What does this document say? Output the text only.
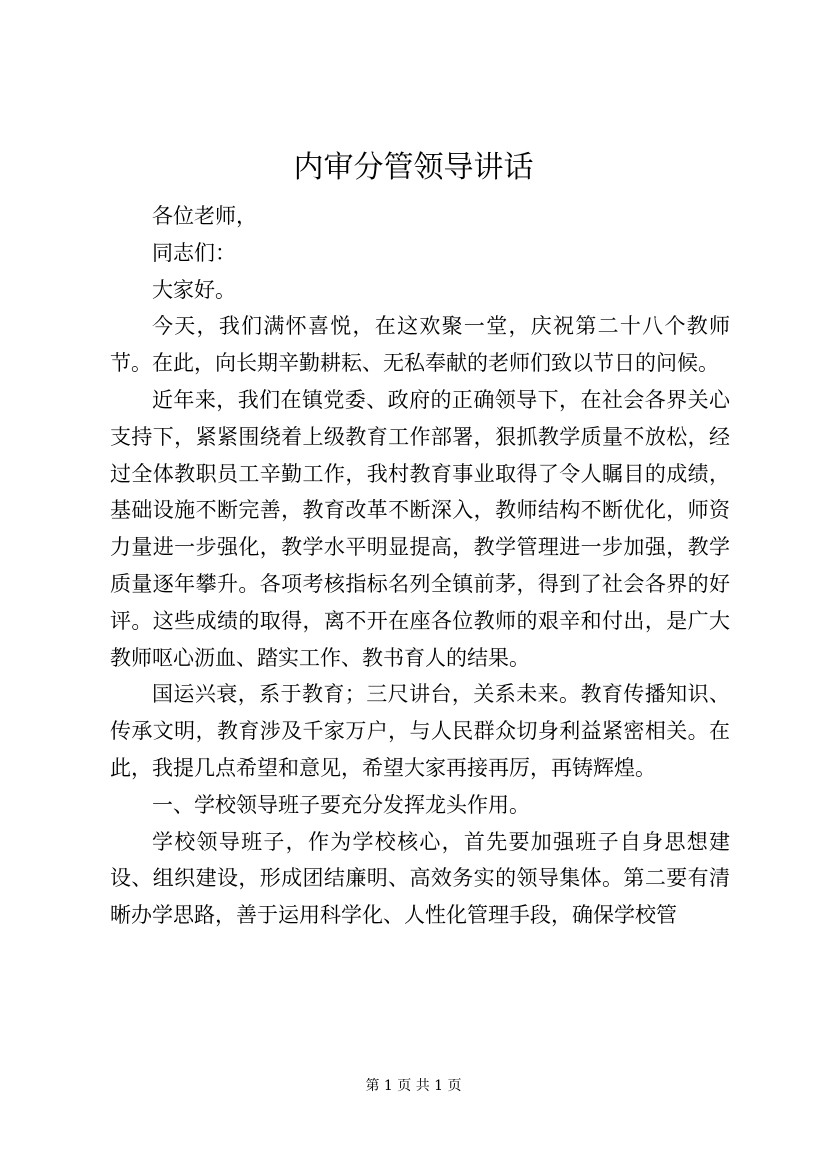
内审分管领导讲话

各位老师，

同志们：

大家好。

今天，我们满怀喜悦，在这欢聚一堂，庆祝第二十八个教师节。在此，向长期辛勤耕耘、无私奉献的老师们致以节日的问候。

近年来，我们在镇党委、政府的正确领导下，在社会各界关心支持下，紧紧围绕着上级教育工作部署，狠抓教学质量不放松，经过全体教职员工辛勤工作，我村教育事业取得了令人瞩目的成绩，基础设施不断完善，教育改革不断深入，教师结构不断优化，师资力量进一步强化，教学水平明显提高，教学管理进一步加强，教学质量逐年攀升。各项考核指标名列全镇前茅，得到了社会各界的好评。这些成绩的取得，离不开在座各位教师的艰辛和付出，是广大教师呕心沥血、踏实工作、教书育人的结果。

国运兴衰，系于教育；三尺讲台，关系未来。教育传播知识、传承文明，教育涉及千家万户，与人民群众切身利益紧密相关。在此，我提几点希望和意见，希望大家再接再厉，再铸辉煌。

一、学校领导班子要充分发挥龙头作用。

学校领导班子，作为学校核心，首先要加强班子自身思想建设、组织建设，形成团结廉明、高效务实的领导集体。第二要有清晰办学思路，善于运用科学化、人性化管理手段，确保学校管

第 1 页 共 1 页
